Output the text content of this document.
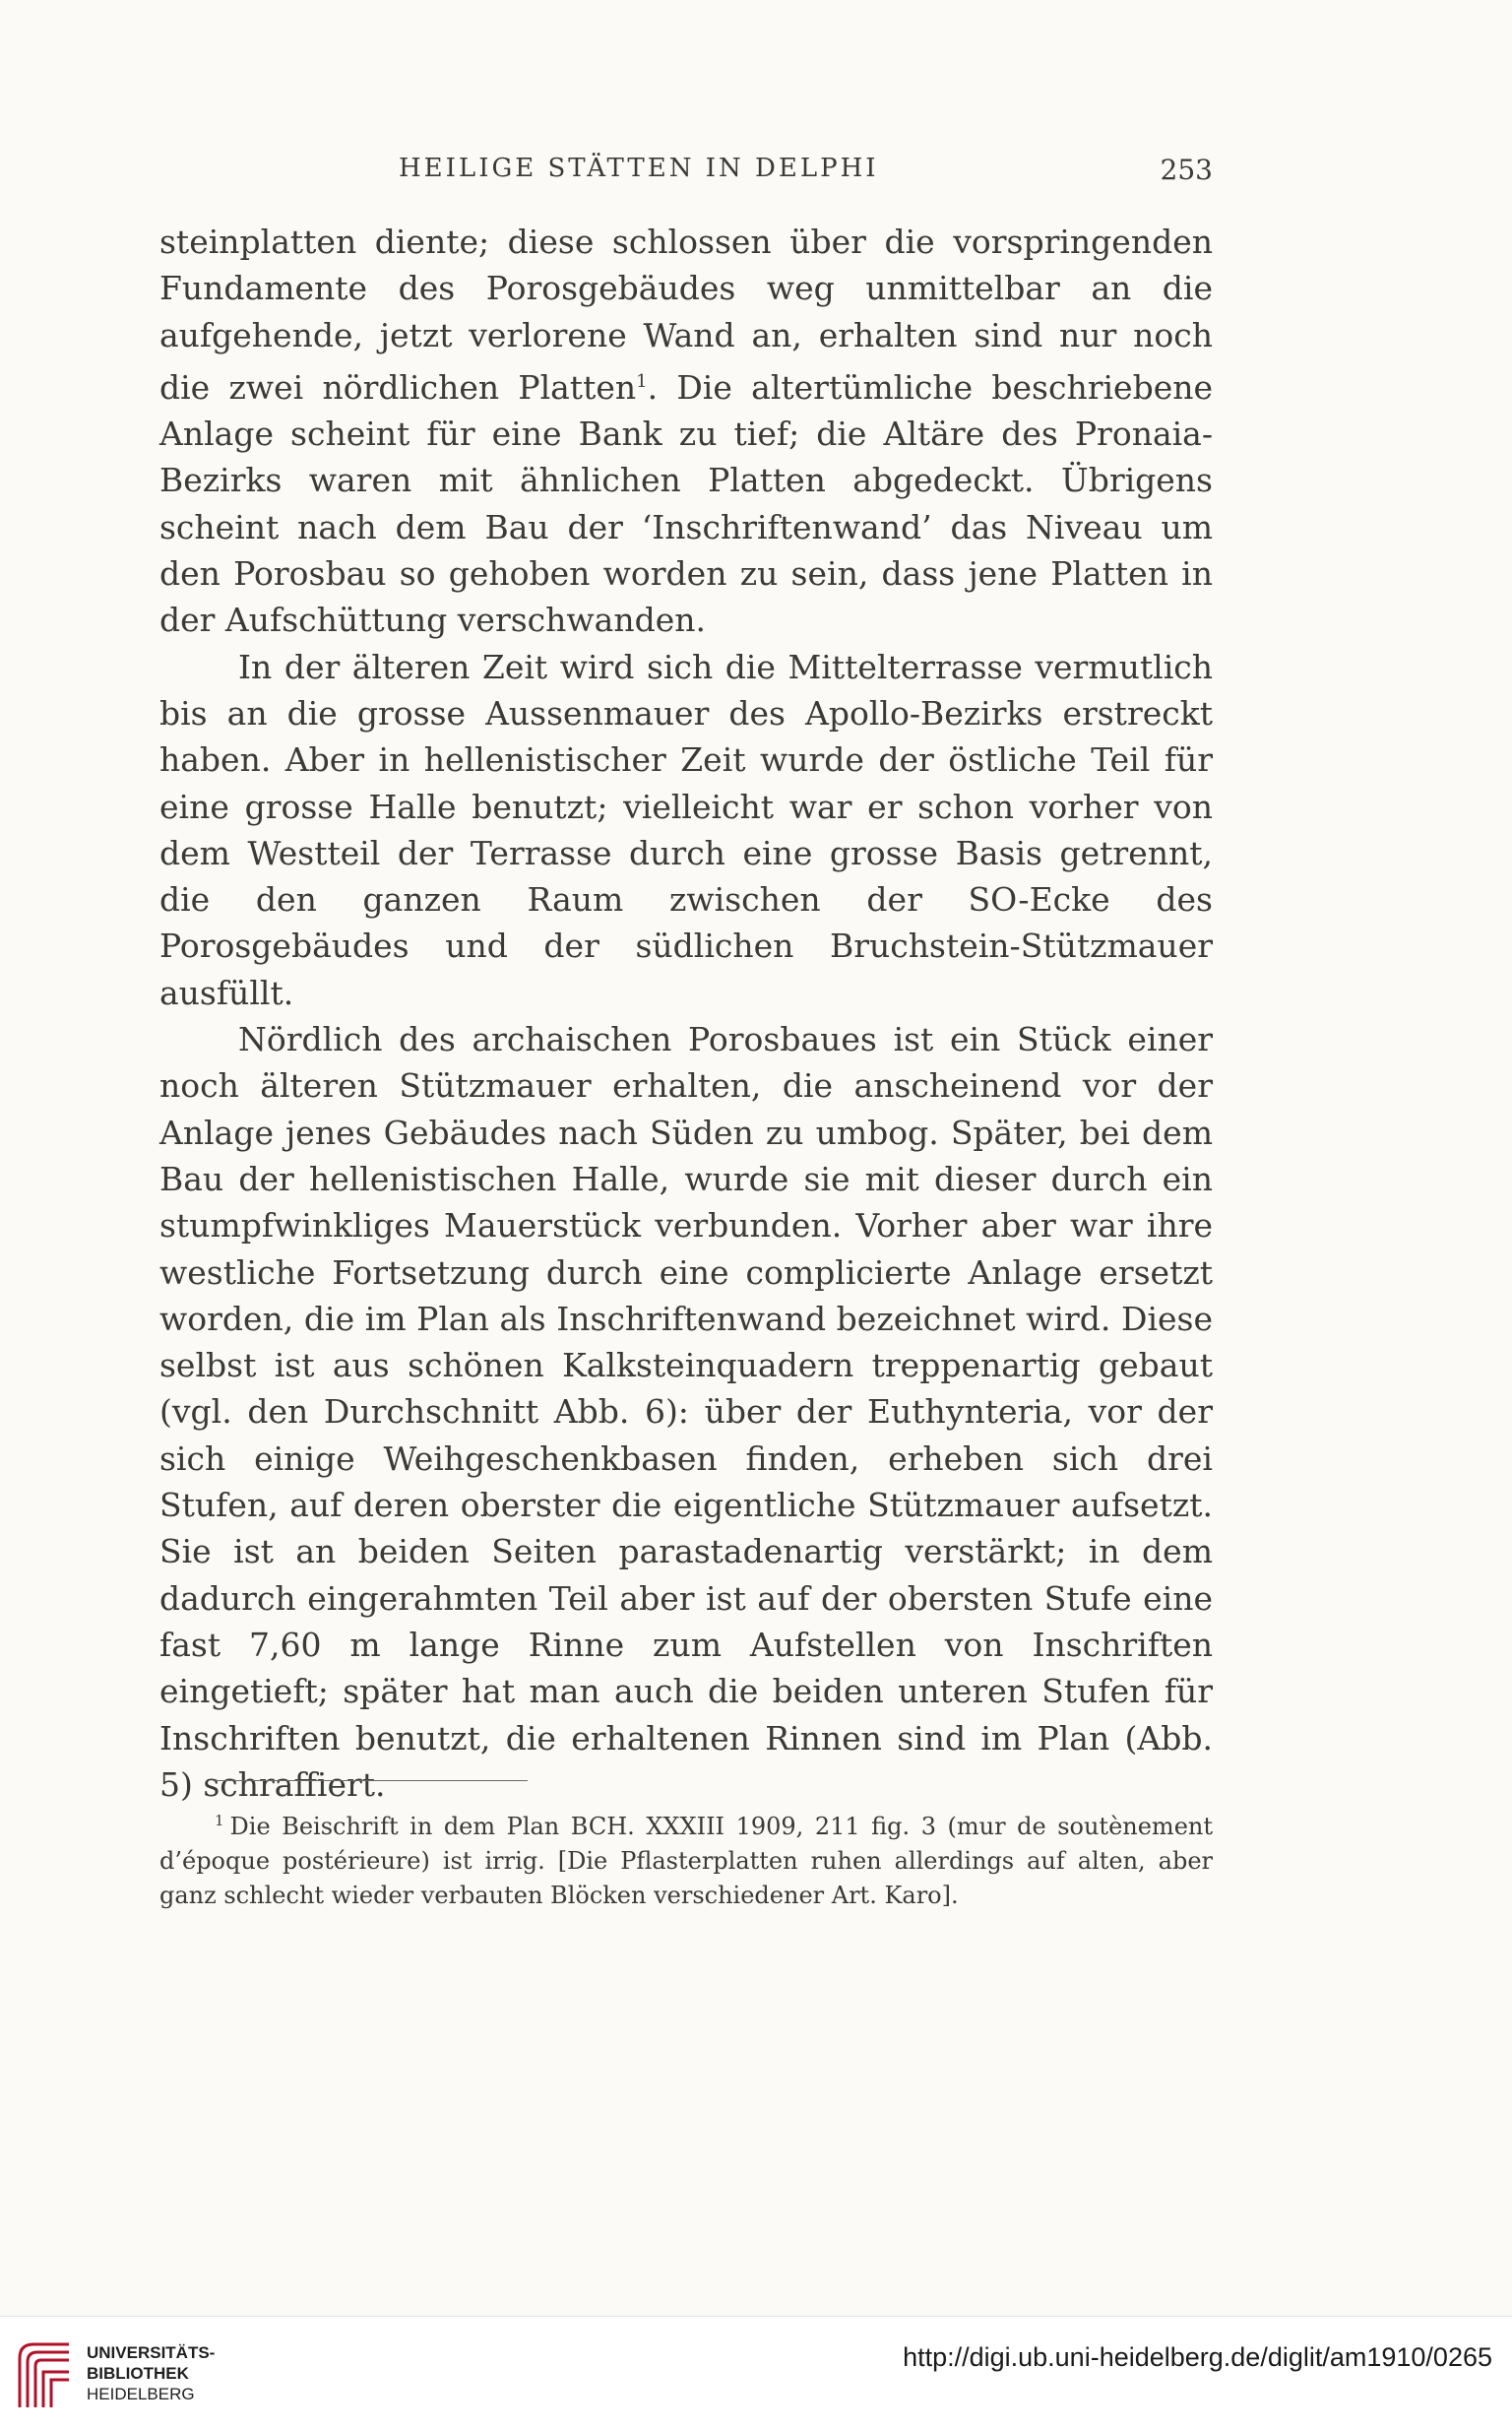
HEILIGE STÄTTEN IN DELPHI	253

steinplatten diente; diese schlossen über die vorspringenden Fundamente des Porosgebäudes weg unmittelbar an die aufgehende, jetzt verlorene Wand an, erhalten sind nur noch die zwei nördlichen Platten$^1$. Die altertümliche beschriebene Anlage scheint für eine Bank zu tief; die Altäre des Pronaia-Bezirks waren mit ähnlichen Platten abgedeckt. Übrigens scheint nach dem Bau der ‘Inschriftenwand’ das Niveau um den Porosbau so gehoben worden zu sein, dass jene Platten in der Aufschüttung verschwanden.

In der älteren Zeit wird sich die Mittelterrasse vermutlich bis an die grosse Aussenmauer des Apollo-Bezirks erstreckt haben. Aber in hellenistischer Zeit wurde der östliche Teil für eine grosse Halle benutzt; vielleicht war er schon vorher von dem Westteil der Terrasse durch eine grosse Basis getrennt, die den ganzen Raum zwischen der SO-Ecke des Porosgebäudes und der südlichen Bruchstein-Stützmauer ausfüllt.

Nördlich des archaischen Porosbaues ist ein Stück einer noch älteren Stützmauer erhalten, die anscheinend vor der Anlage jenes Gebäudes nach Süden zu umbog. Später, bei dem Bau der hellenistischen Halle, wurde sie mit dieser durch ein stumpfwinkliges Mauerstück verbunden. Vorher aber war ihre westliche Fortsetzung durch eine complicierte Anlage ersetzt worden, die im Plan als Inschriftenwand bezeichnet wird. Diese selbst ist aus schönen Kalksteinquadern treppenartig gebaut (vgl. den Durchschnitt Abb. 6): über der Euthynteria, vor der sich einige Weihgeschenkbasen finden, erheben sich drei Stufen, auf deren oberster die eigentliche Stützmauer aufsetzt. Sie ist an beiden Seiten parastadenartig verstärkt; in dem dadurch eingerahmten Teil aber ist auf der obersten Stufe eine fast 7,60 m lange Rinne zum Aufstellen von Inschriften eingetieft; später hat man auch die beiden unteren Stufen für Inschriften benutzt, die erhaltenen Rinnen sind im Plan (Abb. 5) schraffiert.

$^1$ Die Beischrift in dem Plan BCH. XXXIII 1909, 211 fig. 3 (mur de soutènement d’époque postérieure) ist irrig. [Die Pflasterplatten ruhen allerdings auf alten, aber ganz schlecht wieder verbauten Blöcken verschiedener Art. Karo].
UNIVERSITÄTS-
BIBLIOTHEK
HEIDELBERG
http://digi.ub.uni-heidelberg.de/diglit/am1910/0265
